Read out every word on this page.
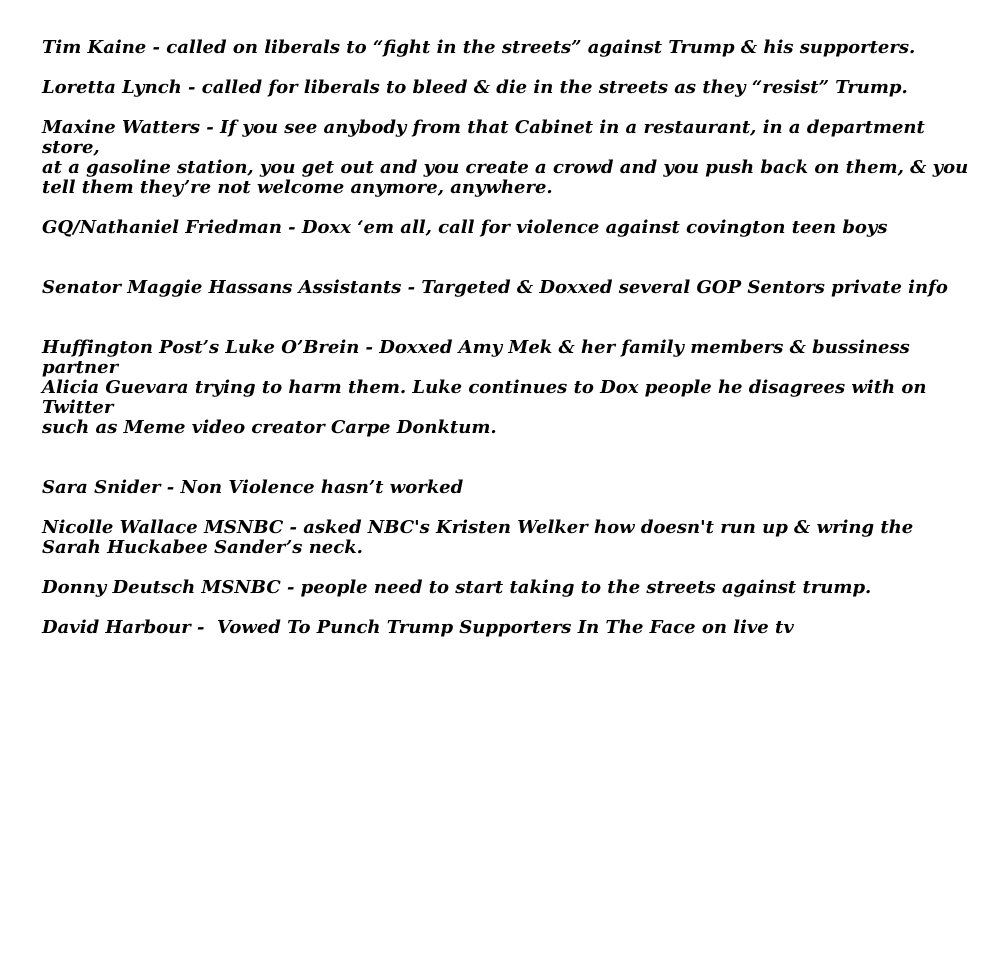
Tim Kaine - called on liberals to “fight in the streets” against Trump & his supporters.

Loretta Lynch - called for liberals to bleed & die in the streets as they “resist” Trump.

Maxine Watters - If you see anybody from that Cabinet in a restaurant, in a department store,
at a gasoline station, you get out and you create a crowd and you push back on them, & you
tell them they’re not welcome anymore, anywhere.

GQ/Nathaniel Friedman - Doxx ‘em all, call for violence against covington teen boys

Senator Maggie Hassans Assistants - Targeted & Doxxed several GOP Sentors private info

Huffington Post’s Luke O’Brein - Doxxed Amy Mek & her family members & bussiness partner
Alicia Guevara trying to harm them. Luke continues to Dox people he disagrees with on Twitter
such as Meme video creator Carpe Donktum.

Sara Snider - Non Violence hasn’t worked

Nicolle Wallace MSNBC - asked NBC's Kristen Welker how doesn't run up & wring the
Sarah Huckabee Sander’s neck.

Donny Deutsch MSNBC - people need to start taking to the streets against trump.

David Harbour -  Vowed To Punch Trump Supporters In The Face on live tv
